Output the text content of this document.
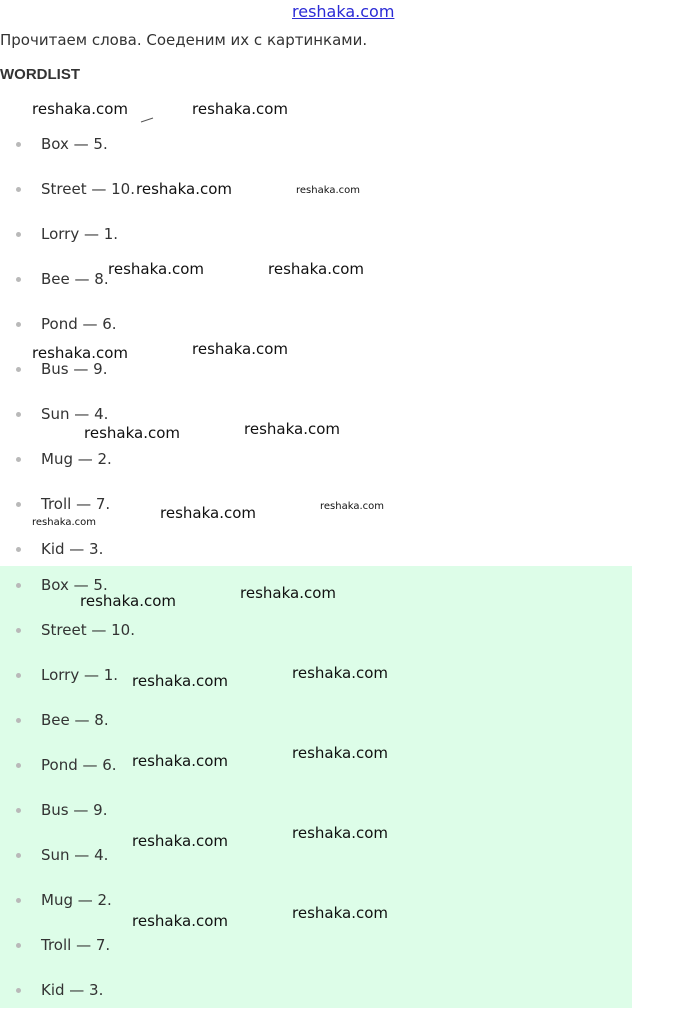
reshaka.com
Прочитаем слова. Соеденим их с картинками.
WORDLIST
Box — 5.
Street — 10.
Lorry — 1.
Bee — 8.
Pond — 6.
Bus — 9.
Sun — 4.
Mug — 2.
Troll — 7.
Kid — 3.
Box — 5.
Street — 10.
Lorry — 1.
Bee — 8.
Pond — 6.
Bus — 9.
Sun — 4.
Mug — 2.
Troll — 7.
Kid — 3.
reshaka.com	reshaka.com
reshaka.com	reshaka.com
reshaka.com	reshaka.com
reshaka.com	reshaka.com
reshaka.com	reshaka.com
reshaka.com	reshaka.com
reshaka.com
reshaka.com	reshaka.com
reshaka.com	reshaka.com
reshaka.com	reshaka.com
reshaka.com	reshaka.com
reshaka.com	reshaka.com
